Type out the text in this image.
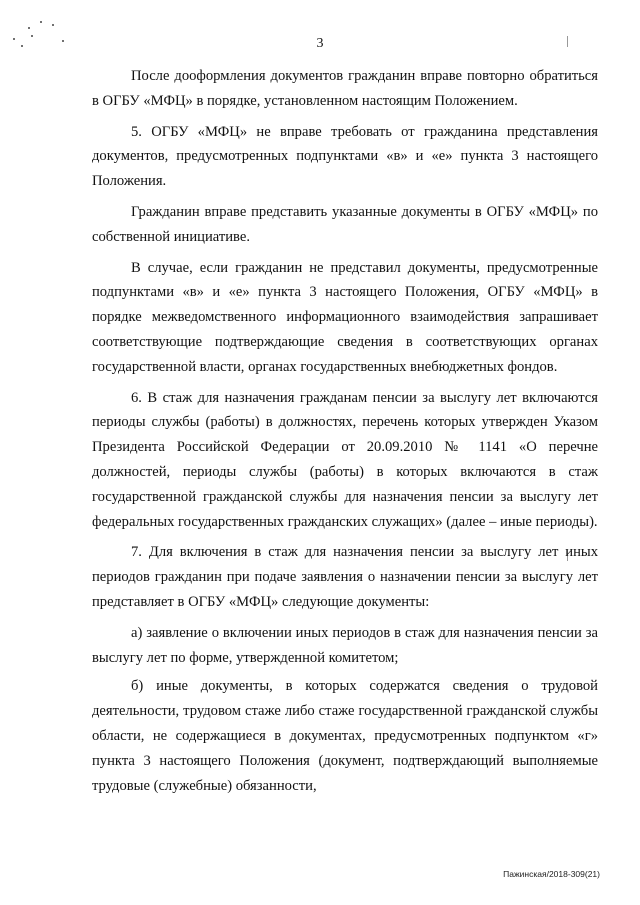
3

После дооформления документов гражданин вправе повторно обратиться в ОГБУ «МФЦ» в порядке, установленном настоящим Положением.

5. ОГБУ «МФЦ» не вправе требовать от гражданина представления документов, предусмотренных подпунктами «в» и «е» пункта 3 настоящего Положения.

Гражданин вправе представить указанные документы в ОГБУ «МФЦ» по собственной инициативе.

В случае, если гражданин не представил документы, предусмотренные подпунктами «в» и «е» пункта 3 настоящего Положения, ОГБУ «МФЦ» в порядке межведомственного информационного взаимодействия запрашивает соответствующие подтверждающие сведения в соответствующих органах государственной власти, органах государственных внебюджетных фондов.

6. В стаж для назначения гражданам пенсии за выслугу лет включаются периоды службы (работы) в должностях, перечень которых утвержден Указом Президента Российской Федерации от 20.09.2010 № 1141 «О перечне должностей, периоды службы (работы) в которых включаются в стаж государственной гражданской службы для назначения пенсии за выслугу лет федеральных государственных гражданских служащих» (далее – иные периоды).

7. Для включения в стаж для назначения пенсии за выслугу лет иных периодов гражданин при подаче заявления о назначении пенсии за выслугу лет представляет в ОГБУ «МФЦ» следующие документы:

а) заявление о включении иных периодов в стаж для назначения пенсии за выслугу лет по форме, утвержденной комитетом;

б) иные документы, в которых содержатся сведения о трудовой деятельности, трудовом стаже либо стаже государственной гражданской службы области, не содержащиеся в документах, предусмотренных подпунктом «г» пункта 3 настоящего Положения (документ, подтверждающий выполняемые трудовые (служебные) обязанности,

Пажинская/2018-309(21)
